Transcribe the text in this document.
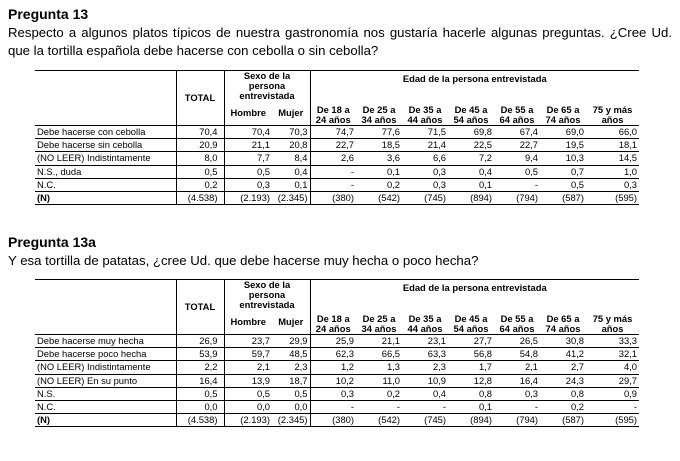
Pregunta 13
Respecto a algunos platos típicos de nuestra gastronomía nos gustaría hacerle algunas preguntas. ¿Cree Ud. que la tortilla española debe hacerse con cebolla o sin cebolla?
	TOTAL	Sexo de la persona entrevistada		Edad de la persona entrevistada						
		Hombre	Mujer	De 18 a 24 años	De 25 a 34 años	De 35 a 44 años	De 45 a 54 años	De 55 a 64 años	De 65 a 74 años	75 y más años
Debe hacerse con cebolla	70,4	70,4	70,3	74,7	77,6	71,5	69,8	67,4	69,0	66,0
Debe hacerse sin cebolla	20,9	21,1	20,8	22,7	18,5	21,4	22,5	22,7	19,5	18,1
(NO LEER) Indistintamente	8,0	7,7	8,4	2,6	3,6	6,6	7,2	9,4	10,3	14,5
N.S., duda	0,5	0,5	0,4	-	0,1	0,3	0,4	0,5	0,7	1,0
N.C.	0,2	0,3	0,1	-	0,2	0,3	0,1	-	0,5	0,3
(N)	(4.538)	(2.193)	(2.345)	(380)	(542)	(745)	(894)	(794)	(587)	(595)
Pregunta 13a
Y esa tortilla de patatas, ¿cree Ud. que debe hacerse muy hecha o poco hecha?
	TOTAL	Sexo de la persona entrevistada		Edad de la persona entrevistada						
		Hombre	Mujer	De 18 a 24 años	De 25 a 34 años	De 35 a 44 años	De 45 a 54 años	De 55 a 64 años	De 65 a 74 años	75 y más años
Debe hacerse muy hecha	26,9	23,7	29,9	25,9	21,1	23,1	27,7	26,5	30,8	33,3
Debe hacerse poco hecha	53,9	59,7	48,5	62,3	66,5	63,3	56,8	54,8	41,2	32,1
(NO LEER) Indistintamente	2,2	2,1	2,3	1,2	1,3	2,3	1,7	2,1	2,7	4,0
(NO LEER) En su punto	16,4	13,9	18,7	10,2	11,0	10,9	12,8	16,4	24,3	29,7
N.S.	0,5	0,5	0,5	0,3	0,2	0,4	0,8	0,3	0,8	0,9
N.C.	0,0	0,0	0,0	-	-	-	0,1	-	0,2	-
(N)	(4.538)	(2.193)	(2.345)	(380)	(542)	(745)	(894)	(794)	(587)	(595)
